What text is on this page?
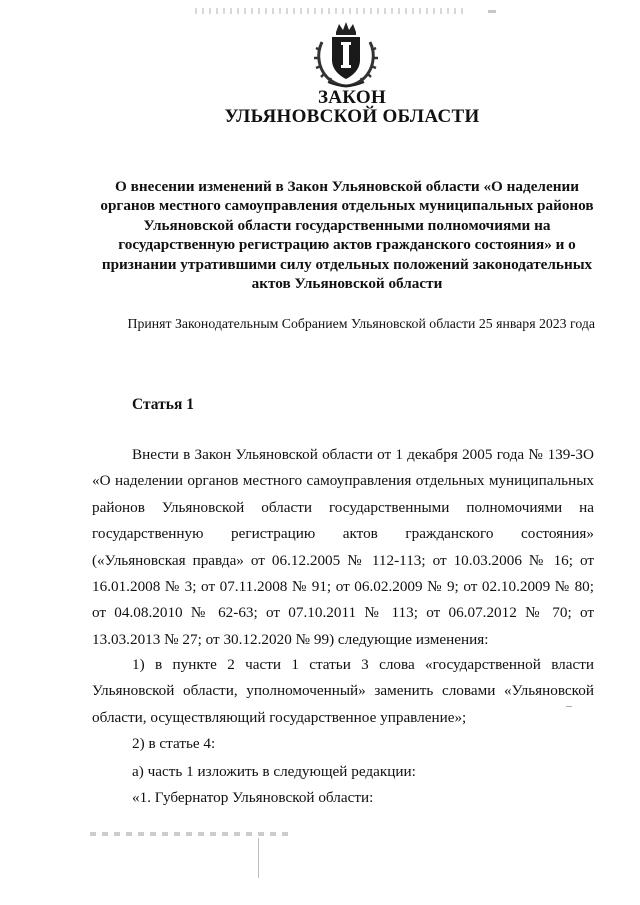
ЗАКОН
УЛЬЯНОВСКОЙ ОБЛАСТИ
О внесении изменений в Закон Ульяновской области «О наделении органов местного самоуправления отдельных муниципальных районов Ульяновской области государственными полномочиями на государственную регистрацию актов гражданского состояния» и о признании утратившими силу отдельных положений законодательных актов Ульяновской области
Принят Законодательным Собранием Ульяновской области 25 января 2023 года
Статья 1
Внести в Закон Ульяновской области от 1 декабря 2005 года № 139-ЗО «О наделении органов местного самоуправления отдельных муниципальных районов Ульяновской области государственными полномочиями на государственную регистрацию актов гражданского состояния» («Ульяновская правда» от 06.12.2005 № 112-113; от 10.03.2006 № 16; от 16.01.2008 № 3; от 07.11.2008 № 91; от 06.02.2009 № 9; от 02.10.2009 № 80; от 04.08.2010 № 62-63; от 07.10.2011 № 113; от 06.07.2012 № 70; от 13.03.2013 № 27; от 30.12.2020 № 99) следующие изменения:
1) в пункте 2 части 1 статьи 3 слова «государственной власти Ульяновской области, уполномоченный» заменить словами «Ульяновской области, осуществляющий государственное управление»;
2) в статье 4:
а) часть 1 изложить в следующей редакции:
«1. Губернатор Ульяновской области:
